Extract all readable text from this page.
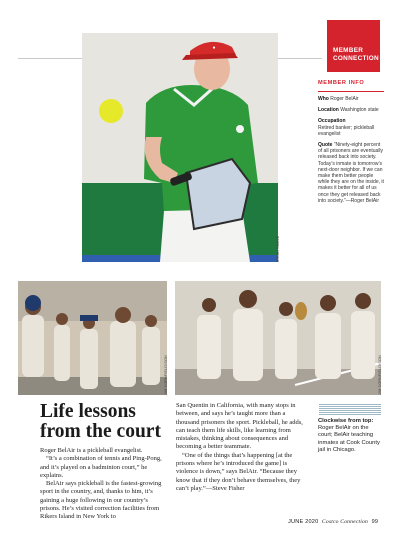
MEMBER
CONNECTION
●
BRIAN SMALE
MEMBER INFO
Who Roger BelAir
Location Washington state
Occupation
Retired banker; pickleball evangelist
Quote “Ninety-eight percent of all prisoners are eventually released back into society. Today’s inmate is tomorrow’s next-door neighbor. If we can make them better people while they are on the inside, it makes it better for all of us once they get released back into society.”—Roger BelAir
JIM CORNFIELD/SON	JIM CORNFIELD/SON
Life lessons from the court

Roger BelAir is a pickleball evangelist.

“It’s a combination of tennis and Ping-Pong, and it’s played on a badminton court,” he explains.

BelAir says pickleball is the fastest-growing sport in the country, and, thanks to him, it’s gaining a huge following in our country’s prisons. He’s visited correction facilities from Rikers Island in New York to

San Quentin in California, with many stops in between, and says he’s taught more than a thousand prisoners the sport. Pickleball, he adds, can teach them life skills, like learning from mistakes, thinking about consequences and becoming a better teammate.

“One of the things that’s happening [at the prisons where he’s introduced the game] is violence is down,” says BelAir. “Because they know that if they don’t behave themselves, they can’t play.”—Steve Fisher

Clockwise from top:
Roger BelAir on the court; BelAir teaching inmates at Cook County jail in Chicago.
JUNE 2020 Costco Connection 99
